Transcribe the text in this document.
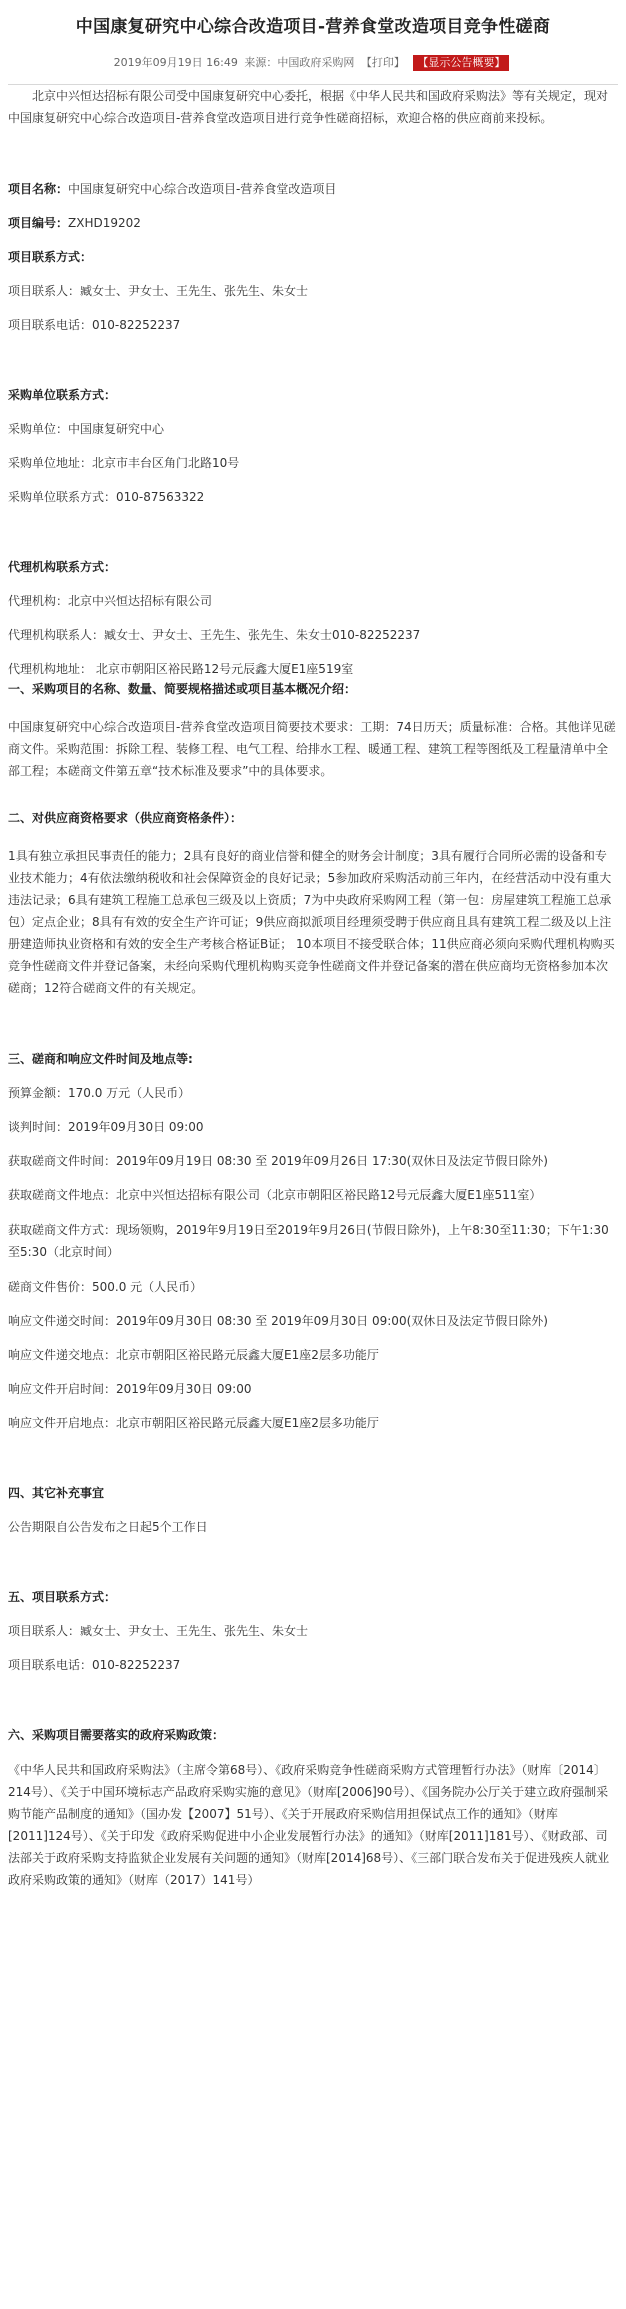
中国康复研究中心综合改造项目-营养食堂改造项目竞争性磋商
2019年09月19日 16:49 来源：中国政府采购网 【打印】 【显示公告概要】

北京中兴恒达招标有限公司受中国康复研究中心委托，根据《中华人民共和国政府采购法》等有关规定，现对中国康复研究中心综合改造项目-营养食堂改造项目进行竞争性磋商招标，欢迎合格的供应商前来投标。

项目名称：中国康复研究中心综合改造项目-营养食堂改造项目

项目编号：ZXHD19202

项目联系方式：

项目联系人：臧女士、尹女士、王先生、张先生、朱女士

项目联系电话：010-82252237

采购单位联系方式：

采购单位：中国康复研究中心

采购单位地址：北京市丰台区角门北路10号

采购单位联系方式：010-87563322

代理机构联系方式：

代理机构：北京中兴恒达招标有限公司

代理机构联系人：臧女士、尹女士、王先生、张先生、朱女士010-82252237

代理机构地址： 北京市朝阳区裕民路12号元辰鑫大厦E1座519室

一、采购项目的名称、数量、简要规格描述或项目基本概况介绍：

中国康复研究中心综合改造项目-营养食堂改造项目简要技术要求：工期：74日历天；质量标准：合格。其他详见磋商文件。采购范围：拆除工程、装修工程、电气工程、给排水工程、暖通工程、建筑工程等图纸及工程量清单中全部工程；本磋商文件第五章“技术标准及要求”中的具体要求。

二、对供应商资格要求（供应商资格条件）：

1具有独立承担民事责任的能力；2具有良好的商业信誉和健全的财务会计制度；3具有履行合同所必需的设备和专业技术能力；4有依法缴纳税收和社会保障资金的良好记录；5参加政府采购活动前三年内，在经营活动中没有重大违法记录；6具有建筑工程施工总承包三级及以上资质；7为中央政府采购网工程（第一包：房屋建筑工程施工总承包）定点企业；8具有有效的安全生产许可证；9供应商拟派项目经理须受聘于供应商且具有建筑工程二级及以上注册建造师执业资格和有效的安全生产考核合格证B证； 10本项目不接受联合体；11供应商必须向采购代理机构购买竞争性磋商文件并登记备案，未经向采购代理机构购买竞争性磋商文件并登记备案的潜在供应商均无资格参加本次磋商；12符合磋商文件的有关规定。

三、磋商和响应文件时间及地点等:

预算金额：170.0 万元（人民币）

谈判时间：2019年09月30日 09:00

获取磋商文件时间：2019年09月19日 08:30 至 2019年09月26日 17:30(双休日及法定节假日除外)

获取磋商文件地点：北京中兴恒达招标有限公司（北京市朝阳区裕民路12号元辰鑫大厦E1座511室）

获取磋商文件方式：现场领购，2019年9月19日至2019年9月26日(节假日除外)，上午8:30至11:30；下午1:30至5:30（北京时间）

磋商文件售价：500.0 元（人民币）

响应文件递交时间：2019年09月30日 08:30 至 2019年09月30日 09:00(双休日及法定节假日除外)

响应文件递交地点：北京市朝阳区裕民路元辰鑫大厦E1座2层多功能厅

响应文件开启时间：2019年09月30日 09:00

响应文件开启地点：北京市朝阳区裕民路元辰鑫大厦E1座2层多功能厅

四、其它补充事宜

公告期限自公告发布之日起5个工作日

五、项目联系方式：

项目联系人：臧女士、尹女士、王先生、张先生、朱女士

项目联系电话：010-82252237

六、采购项目需要落实的政府采购政策：

《中华人民共和国政府采购法》（主席令第68号）、《政府采购竞争性磋商采购方式管理暂行办法》（财库〔2014〕214号）、《关于中国环境标志产品政府采购实施的意见》（财库[2006]90号）、《国务院办公厅关于建立政府强制采购节能产品制度的通知》（国办发【2007】51号）、《关于开展政府采购信用担保试点工作的通知》（财库[2011]124号）、《关于印发《政府采购促进中小企业发展暂行办法》的通知》（财库[2011]181号）、《财政部、司法部关于政府采购支持监狱企业发展有关问题的通知》（财库[2014]68号）、《三部门联合发布关于促进残疾人就业政府采购政策的通知》（财库（2017）141号）
